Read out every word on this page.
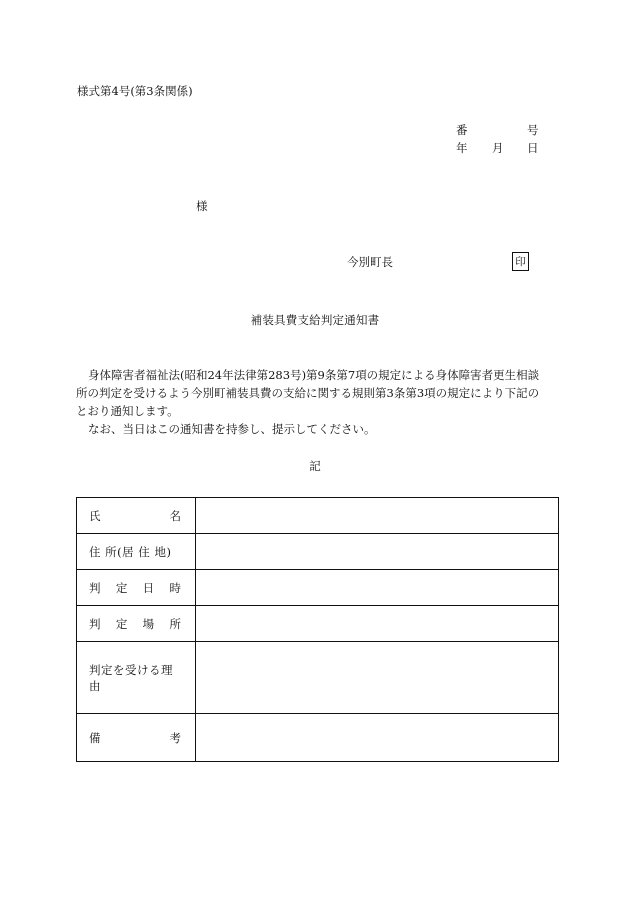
様式第4号(第3条関係)
番	号
年 月 日
様
今別町長	印
補装具費支給判定通知書

身体障害者福祉法(昭和24年法律第283号)第9条第7項の規定による身体障害者更生相談
所の判定を受けるよう今別町補装具費の支給に関する規則第3条第3項の規定により下記の
とおり通知します。

なお、当日はこの通知書を持参し、提示してください。

記
氏 名	

住 所(居 住 地)	

判 定 日 時	

判 定 場 所	

判定を受ける理由	

備 考	
